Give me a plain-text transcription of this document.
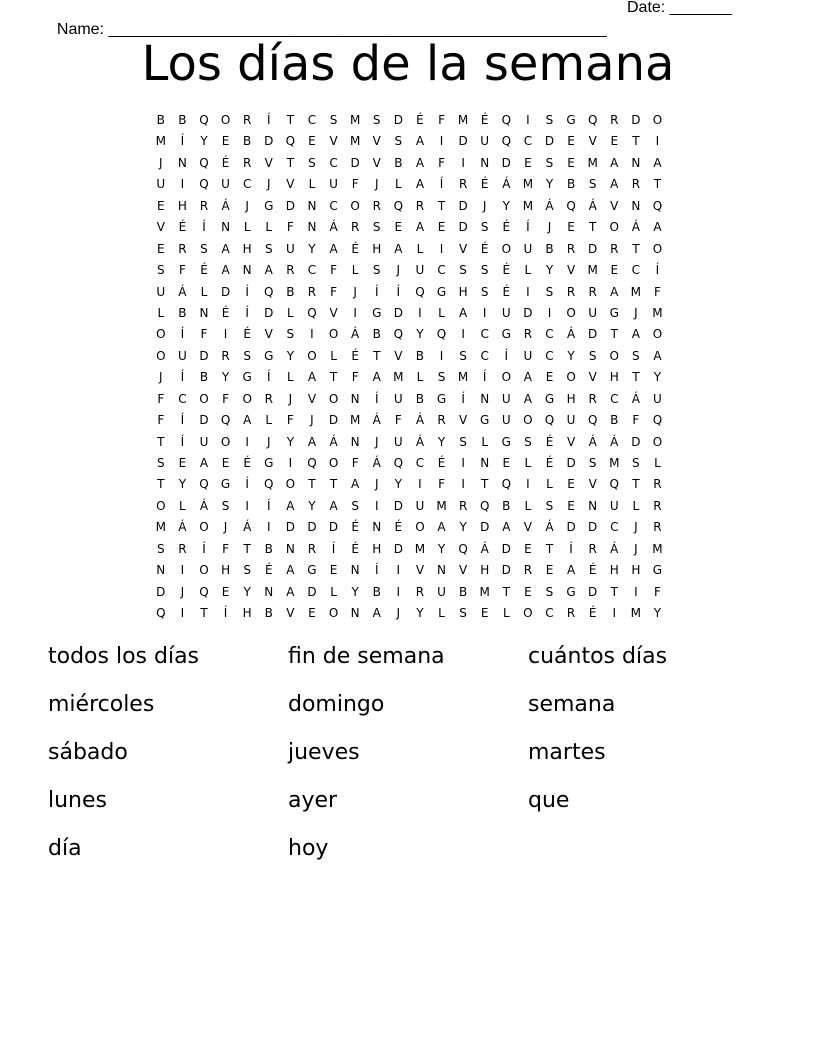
Name: ________________________________________________________

Date: _______

Los días de la semana
B	B	Q	O	R	Í	T	C	S	M	S	D	É	F	M	É	Q	I	S	G	Q	R	D	O
M	Í	Y	E	B	D	Q	E	V	M	V	S	A	I	D	U	Q	C	D	E	V	E	T	I
J	N	Q	É	R	V	T	S	C	D	V	B	A	F	I	N	D	E	S	E	M	A	N	A
U	I	Q	U	C	J	V	L	U	F	J	L	A	Í	R	É	Á	M	Y	B	S	A	R	T
E	H	R	Á	J	G	D	N	C	O	R	Q	R	T	D	J	Y	M	Á	Q	Á	V	N	Q
V	É	Í	N	L	L	F	N	Á	R	S	E	A	E	D	S	É	Í	J	E	T	O	Á	A
E	R	S	A	H	S	U	Y	A	É	H	A	L	I	V	É	O	U	B	R	D	R	T	O
S	F	É	A	N	A	R	C	F	L	S	J	U	C	S	S	É	L	Y	V	M	E	C	Í
U	Á	L	D	Í	Q	B	R	F	J	Í	Í	Q	G	H	S	É	I	S	R	R	A	M	F
L	B	N	É	Í	D	L	Q	V	I	G	D	I	L	A	I	U	D	I	O	U	G	J	M
O	Í	F	I	É	V	S	I	O	Á	B	Q	Y	Q	I	C	G	R	C	Á	D	T	A	O
O	U	D	R	S	G	Y	O	L	É	T	V	B	I	S	C	Í	U	C	Y	S	O	S	A
J	Í	B	Y	G	Í	L	A	T	F	A	M	L	S	M	Í	O	A	E	O	V	H	T	Y
F	C	O	F	O	R	J	V	O	N	Í	U	B	G	Í	N	U	A	G	H	R	C	Á	U
F	Í	D	Q	A	L	F	J	D M	Á	F	Á	R	V	G	U	O	Q	U	Q	B	F	Q
T	Í	U	O	I	J	Y	A	Á	N	J	U	Á	Y	S	L	G	S	É	V	Á	Á	D	O
S	E	A	E	É	G	I	Q	O	F	Á	Q	C	É	I	N	E	L	É	D	S	M	S	L
T	Y	Q	G	Í	Q	O	T	T	A	J	Y	I	F	I	T	Q	I	L	E	V	Q	T	R
O	L	Á	S	I	Í	A	Y	A	S	I	D	U	M	R	Q	B	L	S	E	N	U	L	R
M	Á	O	J	Á	I	D	D	D	É	N	É	O	A	Y	D	A	V	Á	D	D	C	J	R
S	R	Í	F	T	B	N	R	Í	É	H	D M	Y	Q	Á	D	E	T	Í	R	Á	J	M
N	I	O	H	S	É	A	G	E	N	Í	I	V	N	V	H	D	R	E	A	É	H	H	G
D	J	Q	E	Y	N	A	D	L	Y	B	I	R	U	B	M	T	E	S	G	D	T	I	F
Q	I	T	Í	H	B	V	E	O	N	A	J	Y	L	S	E	L	O	C	R	É	I	M	Y
todos los días	fin de semana	cuántos días
miércoles	domingo	semana
sábado	jueves	martes
lunes	ayer	que
día	hoy
